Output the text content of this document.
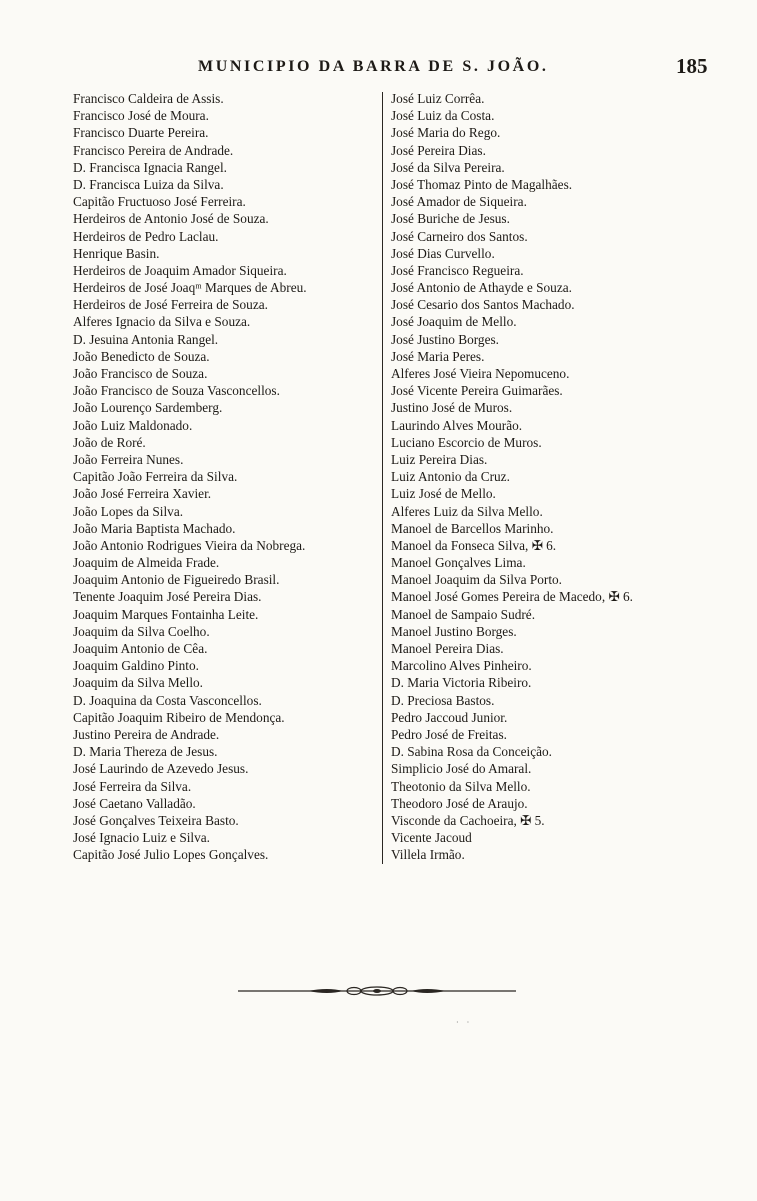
MUNICIPIO DA BARRA DE S. JOÃO.	185
Francisco Caldeira de Assis.
Francisco José de Moura.
Francisco Duarte Pereira.
Francisco Pereira de Andrade.
D. Francisca Ignacia Rangel.
D. Francisca Luiza da Silva.
Capitão Fructuoso José Ferreira.
Herdeiros de Antonio José de Souza.
Herdeiros de Pedro Laclau.
Henrique Basin.
Herdeiros de Joaquim Amador Siqueira.
Herdeiros de José Joaqᵐ Marques de Abreu.
Herdeiros de José Ferreira de Souza.
Alferes Ignacio da Silva e Souza.
D. Jesuina Antonia Rangel.
João Benedicto de Souza.
João Francisco de Souza.
João Francisco de Souza Vasconcellos.
João Lourenço Sardemberg.
João Luiz Maldonado.
João de Roré.
João Ferreira Nunes.
Capitão João Ferreira da Silva.
João José Ferreira Xavier.
João Lopes da Silva.
João Maria Baptista Machado.
João Antonio Rodrigues Vieira da Nobrega.
Joaquim de Almeida Frade.
Joaquim Antonio de Figueiredo Brasil.
Tenente Joaquim José Pereira Dias.
Joaquim Marques Fontainha Leite.
Joaquim da Silva Coelho.
Joaquim Antonio de Cêa.
Joaquim Galdino Pinto.
Joaquim da Silva Mello.
D. Joaquina da Costa Vasconcellos.
Capitão Joaquim Ribeiro de Mendonça.
Justino Pereira de Andrade.
D. Maria Thereza de Jesus.
José Laurindo de Azevedo Jesus.
José Ferreira da Silva.
José Caetano Valladão.
José Gonçalves Teixeira Basto.
José Ignacio Luiz e Silva.
Capitão José Julio Lopes Gonçalves.
José Luiz Corrêa.
José Luiz da Costa.
José Maria do Rego.
José Pereira Dias.
José da Silva Pereira.
José Thomaz Pinto de Magalhães.
José Amador de Siqueira.
José Buriche de Jesus.
José Carneiro dos Santos.
José Dias Curvello.
José Francisco Regueira.
José Antonio de Athayde e Souza.
José Cesario dos Santos Machado.
José Joaquim de Mello.
José Justino Borges.
José Maria Peres.
Alferes José Vieira Nepomuceno.
José Vicente Pereira Guimarães.
Justino José de Muros.
Laurindo Alves Mourão.
Luciano Escorcio de Muros.
Luiz Pereira Dias.
Luiz Antonio da Cruz.
Luiz José de Mello.
Alferes Luiz da Silva Mello.
Manoel de Barcellos Marinho.
Manoel da Fonseca Silva, ✠ 6.
Manoel Gonçalves Lima.
Manoel Joaquim da Silva Porto.
Manoel José Gomes Pereira de Macedo, ✠ 6.
Manoel de Sampaio Sudré.
Manoel Justino Borges.
Manoel Pereira Dias.
Marcolino Alves Pinheiro.
D. Maria Victoria Ribeiro.
D. Preciosa Bastos.
Pedro Jaccoud Junior.
Pedro José de Freitas.
D. Sabina Rosa da Conceição.
Simplicio José do Amaral.
Theotonio da Silva Mello.
Theodoro José de Araujo.
Visconde da Cachoeira, ✠ 5.
Vicente Jacoud
Villela Irmão.
· ·
